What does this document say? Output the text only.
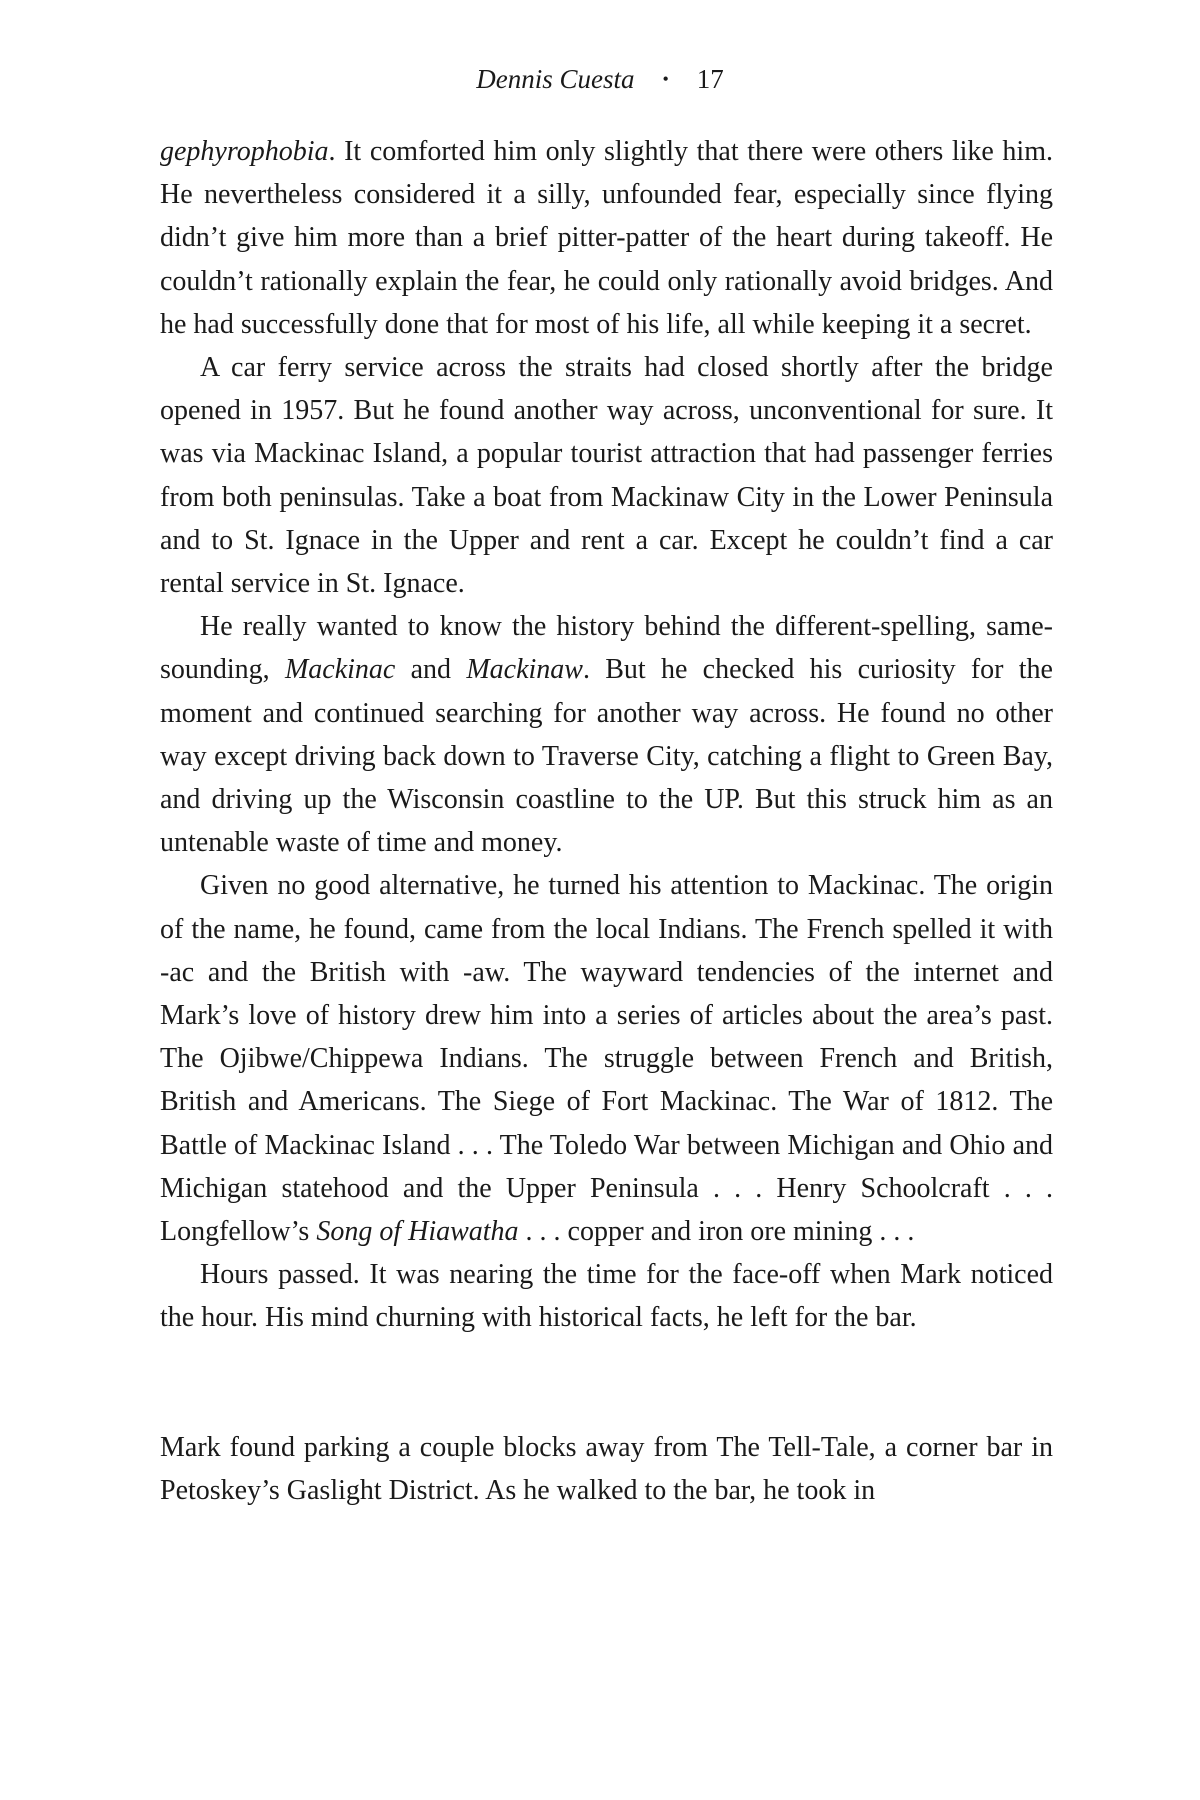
Dennis Cuesta • 17

gephyrophobia. It comforted him only slightly that there were others like him. He nevertheless considered it a silly, unfounded fear, especially since flying didn’t give him more than a brief pitter-patter of the heart during takeoff. He couldn’t rationally explain the fear, he could only rationally avoid bridges. And he had successfully done that for most of his life, all while keeping it a secret.

A car ferry service across the straits had closed shortly after the bridge opened in 1957. But he found another way across, unconventional for sure. It was via Mackinac Island, a popular tourist attraction that had passenger ferries from both peninsulas. Take a boat from Mackinaw City in the Lower Peninsula and to St. Ignace in the Upper and rent a car. Except he couldn’t find a car rental service in St. Ignace.

He really wanted to know the history behind the different-spelling, same-sounding, Mackinac and Mackinaw. But he checked his curiosity for the moment and continued searching for another way across. He found no other way except driving back down to Traverse City, catching a flight to Green Bay, and driving up the Wisconsin coastline to the UP. But this struck him as an untenable waste of time and money.

Given no good alternative, he turned his attention to Mackinac. The origin of the name, he found, came from the local Indians. The French spelled it with -ac and the British with -aw. The wayward tendencies of the internet and Mark’s love of history drew him into a series of articles about the area’s past. The Ojibwe/Chippewa Indians. The struggle between French and British, British and Americans. The Siege of Fort Mackinac. The War of 1812. The Battle of Mackinac Island . . . The Toledo War between Michigan and Ohio and Michigan statehood and the Upper Peninsula . . . Henry Schoolcraft . . . Longfellow’s Song of Hiawatha . . . copper and iron ore mining . . .

Hours passed. It was nearing the time for the face-off when Mark noticed the hour. His mind churning with historical facts, he left for the bar.

Mark found parking a couple blocks away from The Tell-Tale, a corner bar in Petoskey’s Gaslight District. As he walked to the bar, he took in
